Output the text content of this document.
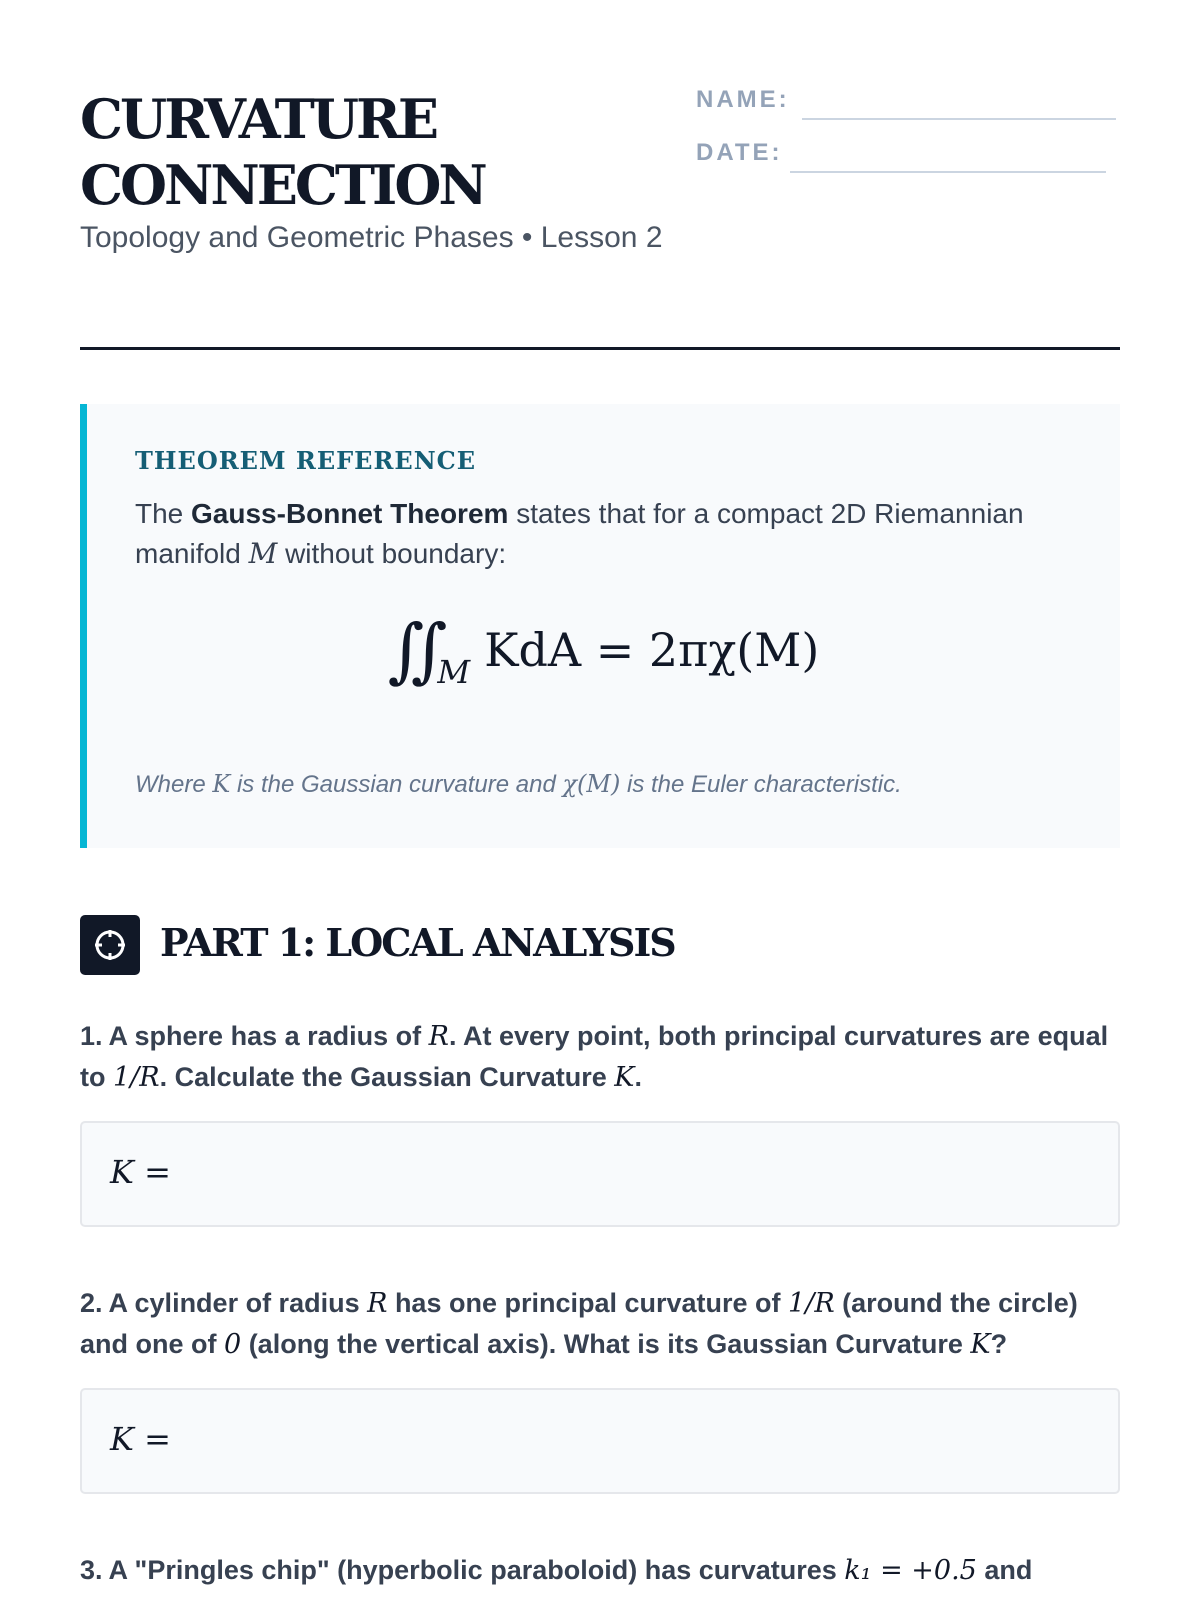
CURVATURE CONNECTION
Topology and Geometric Phases • Lesson 2
NAME:
DATE:
THEOREM REFERENCE
The Gauss-Bonnet Theorem states that for a compact 2D Riemannian manifold M without boundary:
∬ M KdA = 2πχ(M)
Where K is the Gaussian curvature and χ(M) is the Euler characteristic.
PART 1: LOCAL ANALYSIS
1. A sphere has a radius of R. At every point, both principal curvatures are equal to 1/R. Calculate the Gaussian Curvature K.
K =
2. A cylinder of radius R has one principal curvature of 1/R (around the circle) and one of 0 (along the vertical axis). What is its Gaussian Curvature K?
K =
3. A "Pringles chip" (hyperbolic paraboloid) has curvatures k₁ = +0.5 and
